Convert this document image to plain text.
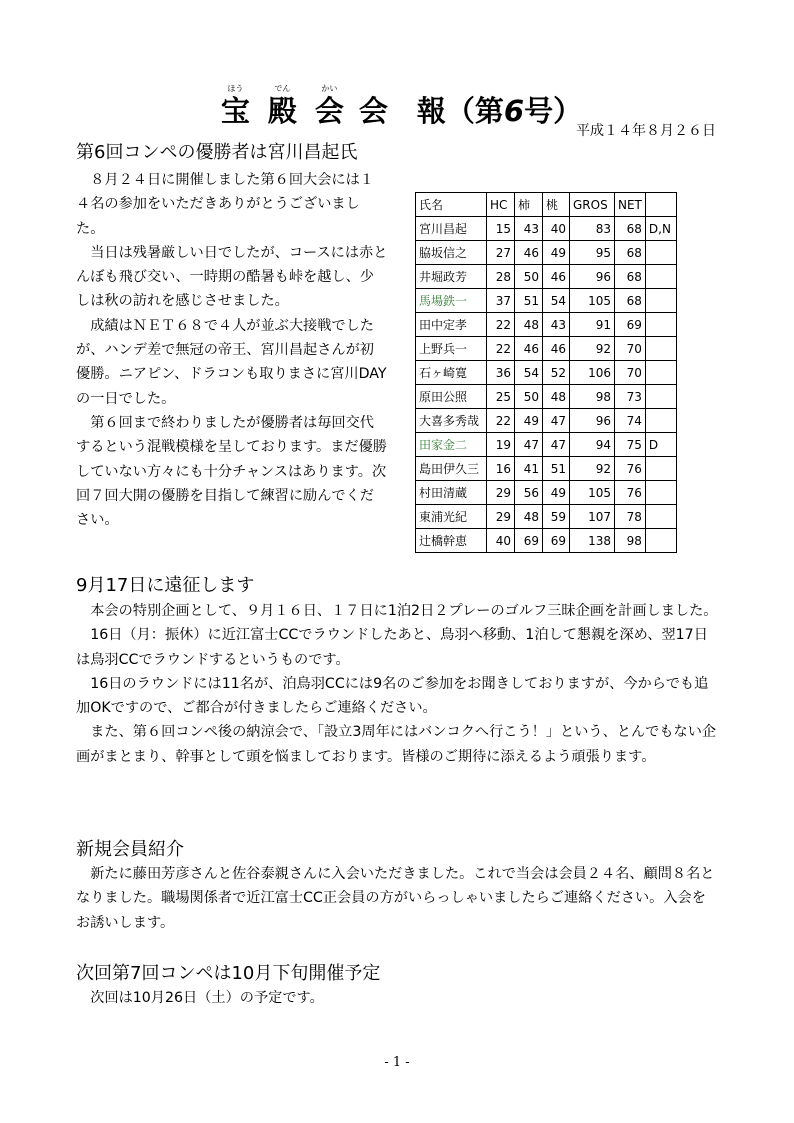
ほう
宝
でん
殿
かい
会 会　報（第6号）
平成１４年８月２６日
第6回コンペの優勝者は宮川昌起氏

８月２４日に開催しました第６回大会には１４名の参加をいただきありがとうございました。

当日は残暑厳しい日でしたが、コースには赤とんぼも飛び交い、一時期の酷暑も峠を越し、少しは秋の訪れを感じさせました。

成績はＮＥＴ６８で４人が並ぶ大接戦でしたが、ハンデ差で無冠の帝王、宮川昌起さんが初優勝。ニアピン、ドラコンも取りまさに宮川DAYの一日でした。

第６回まで終わりましたが優勝者は毎回交代するという混戦模様を呈しております。まだ優勝していない方々にも十分チャンスはあります。次回７回大開の優勝を目指して練習に励んでください。

氏名	HC	柿	桃	GROS	NET	
宮川昌起	15	43	40	83	68	D,N
脇坂信之	27	46	49	95	68	
井堀政芳	28	50	46	96	68	
馬場鉄一	37	51	54	105	68	
田中定孝	22	48	43	91	69	
上野兵一	22	46	46	92	70	
石ヶ崎寛	36	54	52	106	70	
原田公照	25	50	48	98	73	
大喜多秀哉	22	49	47	96	74	
田家金二	19	47	47	94	75	D
島田伊久三	16	41	51	92	76	
村田清蔵	29	56	49	105	76	
東浦光紀	29	48	59	107	78	
辻橋幹恵	40	69	69	138	98	
9月17日に遠征します

本会の特別企画として、９月１６日、１７日に1泊2日２プレーのゴルフ三昧企画を計画しました。

16日（月：振休）に近江富士CCでラウンドしたあと、鳥羽へ移動、1泊して懇親を深め、翌17日は鳥羽CCでラウンドするというものです。

16日のラウンドには11名が、泊鳥羽CCには9名のご参加をお聞きしておりますが、今からでも追加OKですので、ご都合が付きましたらご連絡ください。

また、第６回コンペ後の納涼会で、「設立3周年にはバンコクへ行こう！」という、とんでもない企画がまとまり、幹事として頭を悩ましております。皆様のご期待に添えるよう頑張ります。

新規会員紹介

新たに藤田芳彦さんと佐谷泰親さんに入会いただきました。これで当会は会員２４名、顧問８名となりました。職場関係者で近江富士CC正会員の方がいらっしゃいましたらご連絡ください。入会をお誘いします。

次回第7回コンペは10月下旬開催予定

次回は10月26日（土）の予定です。

- 1 -
